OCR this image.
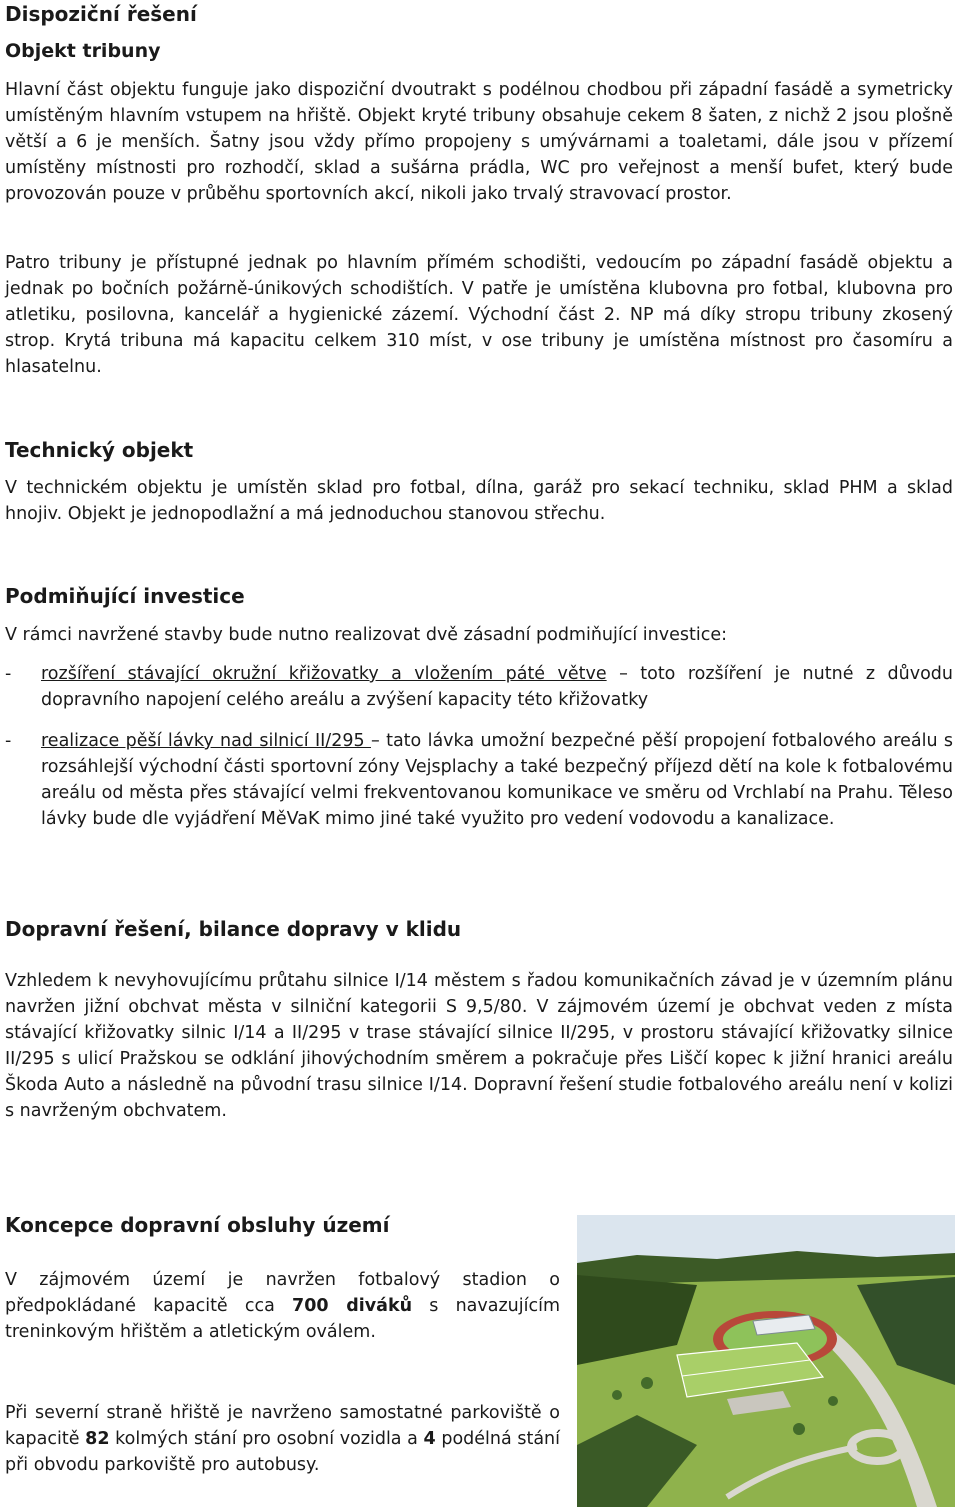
Dispoziční řešení
Objekt tribuny

Hlavní část objektu funguje jako dispoziční dvoutrakt s podélnou chodbou při západní fasádě a symetricky umístěným hlavním vstupem na hřiště. Objekt kryté tribuny obsahuje cekem 8 šaten, z nichž 2 jsou plošně větší a 6 je menších. Šatny jsou vždy přímo propojeny s umývárnami a toaletami, dále jsou v přízemí umístěny místnosti pro rozhodčí, sklad a sušárna prádla, WC pro veřejnost a menší bufet, který bude provozován pouze v průběhu sportovních akcí, nikoli jako trvalý stravovací prostor.

Patro tribuny je přístupné jednak po hlavním přímém schodišti, vedoucím po západní fasádě objektu a jednak po bočních požárně-únikových schodištích. V patře je umístěna klubovna pro fotbal, klubovna pro atletiku, posilovna, kancelář a hygienické zázemí. Východní část 2. NP má díky stropu tribuny zkosený strop. Krytá tribuna má kapacitu celkem 310 míst, v ose tribuny je umístěna místnost pro časomíru a hlasatelnu.

Technický objekt

V technickém objektu je umístěn sklad pro fotbal, dílna, garáž pro sekací techniku, sklad PHM a sklad hnojiv. Objekt je jednopodlažní a má jednoduchou stanovou střechu.

Podmiňující investice

V rámci navržené stavby bude nutno realizovat dvě zásadní podmiňující investice:

- rozšíření stávající okružní křižovatky a vložením páté větve – toto rozšíření je nutné z důvodu dopravního napojení celého areálu a zvýšení kapacity této křižovatky
- realizace pěší lávky nad silnicí II/295 – tato lávka umožní bezpečné pěší propojení fotbalového areálu s rozsáhlejší východní části sportovní zóny Vejsplachy a také bezpečný příjezd dětí na kole k fotbalovému areálu od města přes stávající velmi frekventovanou komunikace ve směru od Vrchlabí na Prahu. Těleso lávky bude dle vyjádření MěVaK mimo jiné také využito pro vedení vodovodu a kanalizace.
Dopravní řešení, bilance dopravy v klidu

Vzhledem k nevyhovujícímu průtahu silnice I/14 městem s řadou komunikačních závad je v územním plánu navržen jižní obchvat města v silniční kategorii S 9,5/80. V zájmovém území je obchvat veden z místa stávající křižovatky silnic I/14 a II/295 v trase stávající silnice II/295, v prostoru stávající křižovatky silnice II/295 s ulicí Pražskou se odklání jihovýchodním směrem a pokračuje přes Liščí kopec k jižní hranici areálu Škoda Auto a následně na původní trasu silnice I/14. Dopravní řešení studie fotbalového areálu není v kolizi s navrženým obchvatem.

Koncepce dopravní obsluhy území

V zájmovém území je navržen fotbalový stadion o předpokládané kapacitě cca 700 diváků s navazujícím treninkovým hřištěm a atletickým oválem.

Při severní straně hřiště je navrženo samostatné parkoviště o kapacitě 82 kolmých stání pro osobní vozidla a 4 podélná stání při obvodu parkoviště pro autobusy.
